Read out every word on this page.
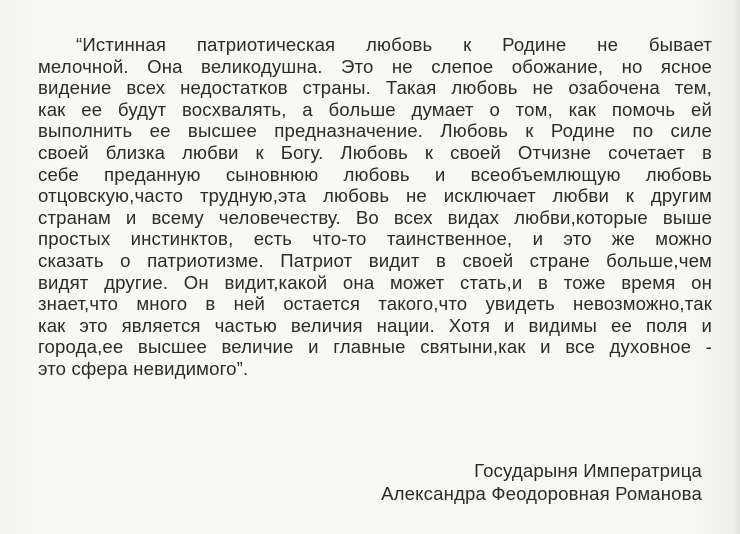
“Истинная патриотическая любовь к Родине не бывает
мелочной. Она великодушна. Это не слепое обожание, но ясное
видение всех недостатков страны. Такая любовь не озабочена тем,
как ее будут восхвалять, а больше думает о том, как помочь ей
выполнить ее высшее предназначение. Любовь к Родине по силе
своей близка любви к Богу. Любовь к своей Отчизне сочетает в
себе преданную сыновнюю любовь и всеобъемлющую любовь
отцовскую,часто трудную,эта любовь не исключает любви к другим
странам и всему человечеству. Во всех видах любви,которые выше
простых инстинктов, есть что-то таинственное, и это же можно
сказать о патриотизме. Патриот видит в своей стране больше,чем
видят другие. Он видит,какой она может стать,и в тоже время он
знает,что много в ней остается такого,что увидеть невозможно,так
как это является частью величия нации. Хотя и видимы ее поля и
города,ее высшее величие и главные святыни,как и все духовное -
это сфера невидимого”.
Государыня Императрица
Александра Феодоровная Романова
